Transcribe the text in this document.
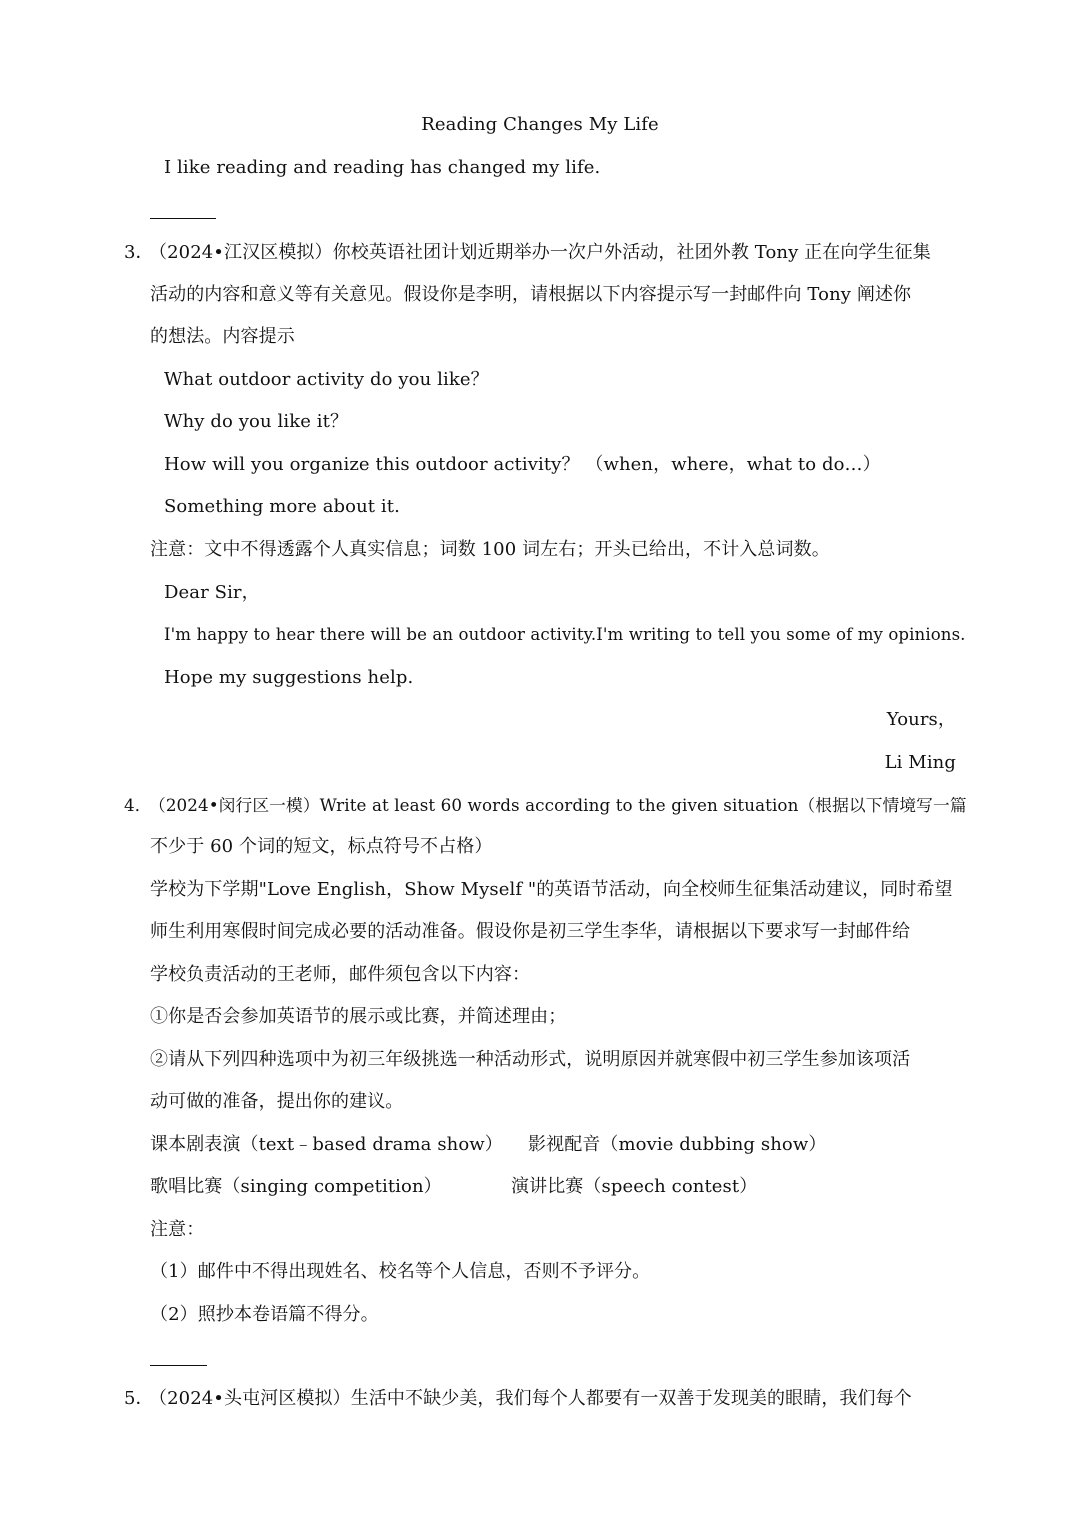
Reading Changes My Life
I like reading and reading has changed my life.
3．（2024•江汉区模拟）你校英语社团计划近期举办一次户外活动，社团外教 Tony 正在向学生征集
活动的内容和意义等有关意见。假设你是李明，请根据以下内容提示写一封邮件向 Tony 阐述你
的想法。内容提示
What outdoor activity do you like？
Why do you like it？
How will you organize this outdoor activity？ （when，where，what to do…）
Something more about it.
注意：文中不得透露个人真实信息；词数 100 词左右；开头已给出，不计入总词数。
Dear Sir，
I'm happy to hear there will be an outdoor activity.I'm writing to tell you some of my opinions.
Hope my suggestions help.
Yours，
Li Ming
4．（2024•闵行区一模）Write at least 60 words according to the given situation（根据以下情境写一篇
不少于 60 个词的短文，标点符号不占格）
学校为下学期"Love English，Show Myself "的英语节活动，向全校师生征集活动建议，同时希望
师生利用寒假时间完成必要的活动准备。假设你是初三学生李华，请根据以下要求写一封邮件给
学校负责活动的王老师，邮件须包含以下内容：
①你是否会参加英语节的展示或比赛，并简述理由；
②请从下列四种选项中为初三年级挑选一种活动形式，说明原因并就寒假中初三学生参加该项活
动可做的准备，提出你的建议。
课本剧表演（text﹣based drama show） 影视配音（movie dubbing show）
歌唱比赛（singing competition）	演讲比赛（speech contest）
注意：
（1）邮件中不得出现姓名、校名等个人信息，否则不予评分。
（2）照抄本卷语篇不得分。
5．（2024•头屯河区模拟）生活中不缺少美，我们每个人都要有一双善于发现美的眼睛，我们每个
